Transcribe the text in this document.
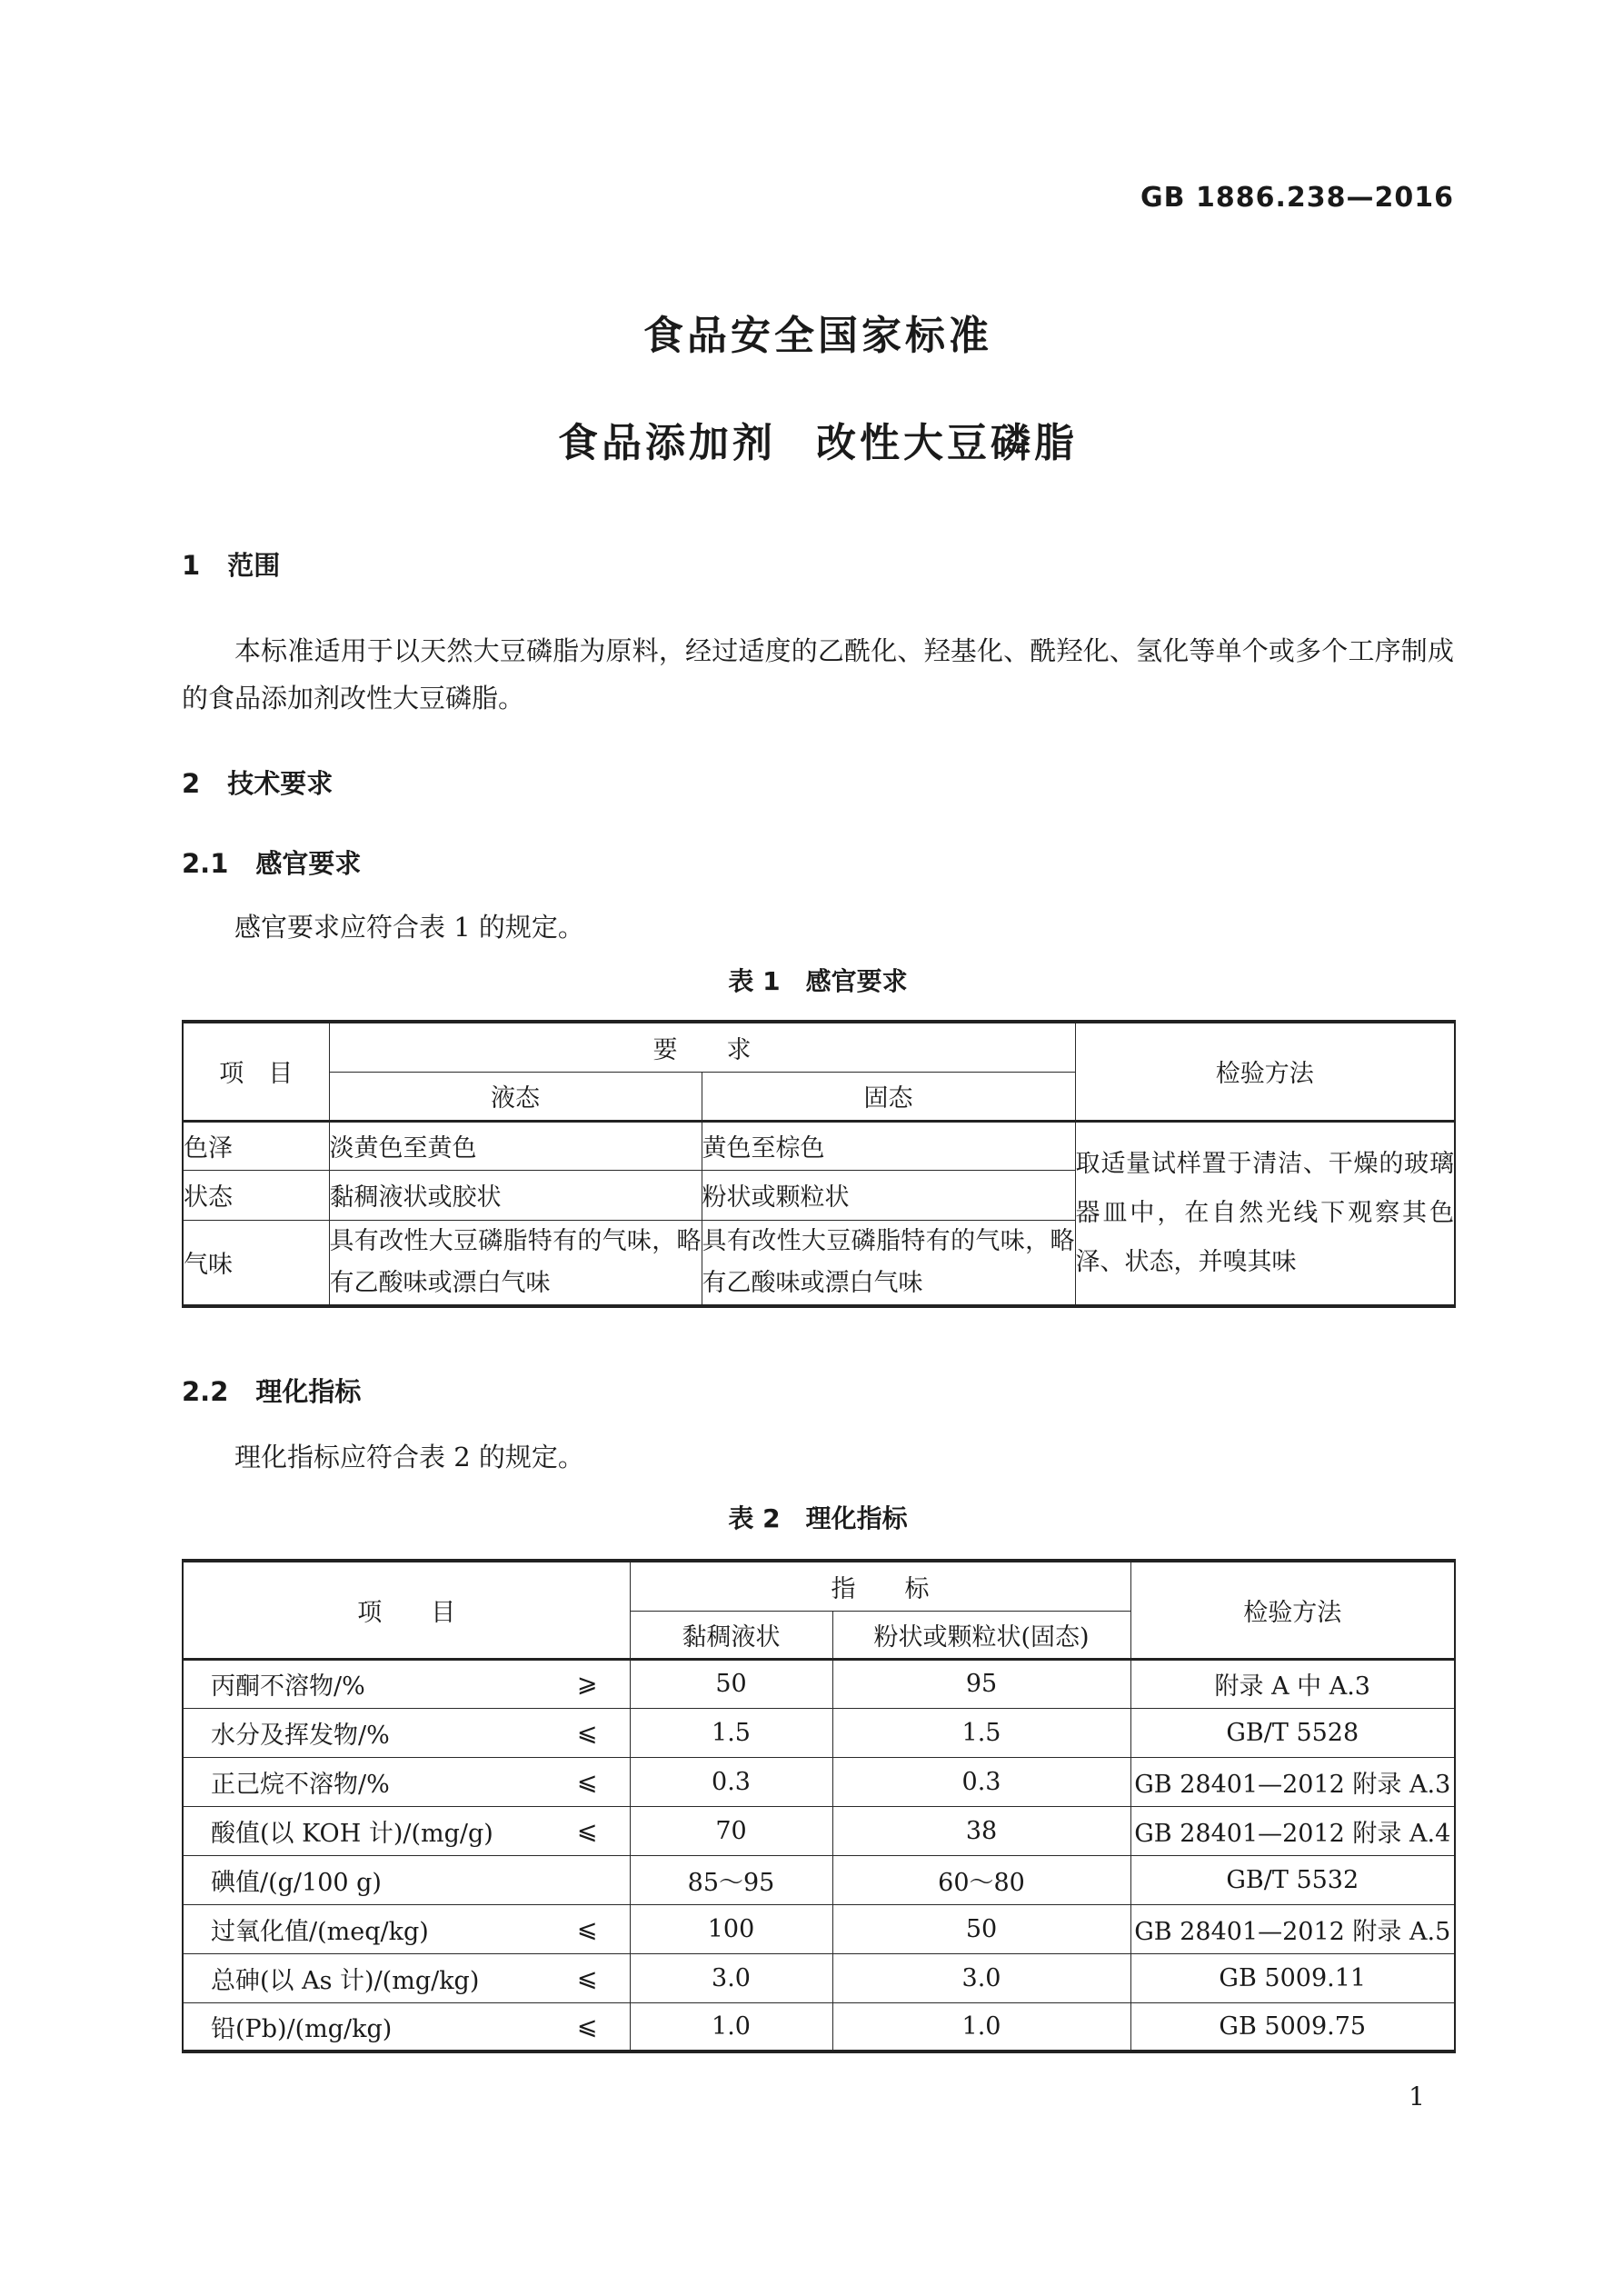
GB 1886.238—2016
食品安全国家标准
食品添加剂 改性大豆磷脂
1 范围
本标准适用于以天然大豆磷脂为原料，经过适度的乙酰化、羟基化、酰羟化、氢化等单个或多个工序制成的食品添加剂改性大豆磷脂。
2 技术要求
2.1 感官要求
感官要求应符合表 1 的规定。
表 1 感官要求
项　目	要　　求		检验方法
	液态	固态	
色泽	淡黄色至黄色	黄色至棕色	取适量试样置于清洁、干燥的玻璃器皿中，在自然光线下观察其色泽、状态，并嗅其味
状态	黏稠液状或胶状	粉状或颗粒状	
气味	具有改性大豆磷脂特有的气味，略有乙酸味或漂白气味	具有改性大豆磷脂特有的气味，略有乙酸味或漂白气味	
2.2 理化指标
理化指标应符合表 2 的规定。
表 2 理化指标
项　　目	指　　标		检验方法
	黏稠液状	粉状或颗粒状(固态)	

丙酮不溶物/% ⩾	50	95	附录 A 中 A.3

水分及挥发物/% ⩽	1.5	1.5	GB/T 5528

正己烷不溶物/% ⩽	0.3	0.3	GB 28401—2012 附录 A.3

酸值(以 KOH 计)/(mg/g) ⩽	70	38	GB 28401—2012 附录 A.4

碘值/(g/100 g)	85～95	60～80	GB/T 5532

过氧化值/(meq/kg) ⩽	100	50	GB 28401—2012 附录 A.5

总砷(以 As 计)/(mg/kg) ⩽	3.0	3.0	GB 5009.11

铅(Pb)/(mg/kg) ⩽	1.0	1.0	GB 5009.75
1
